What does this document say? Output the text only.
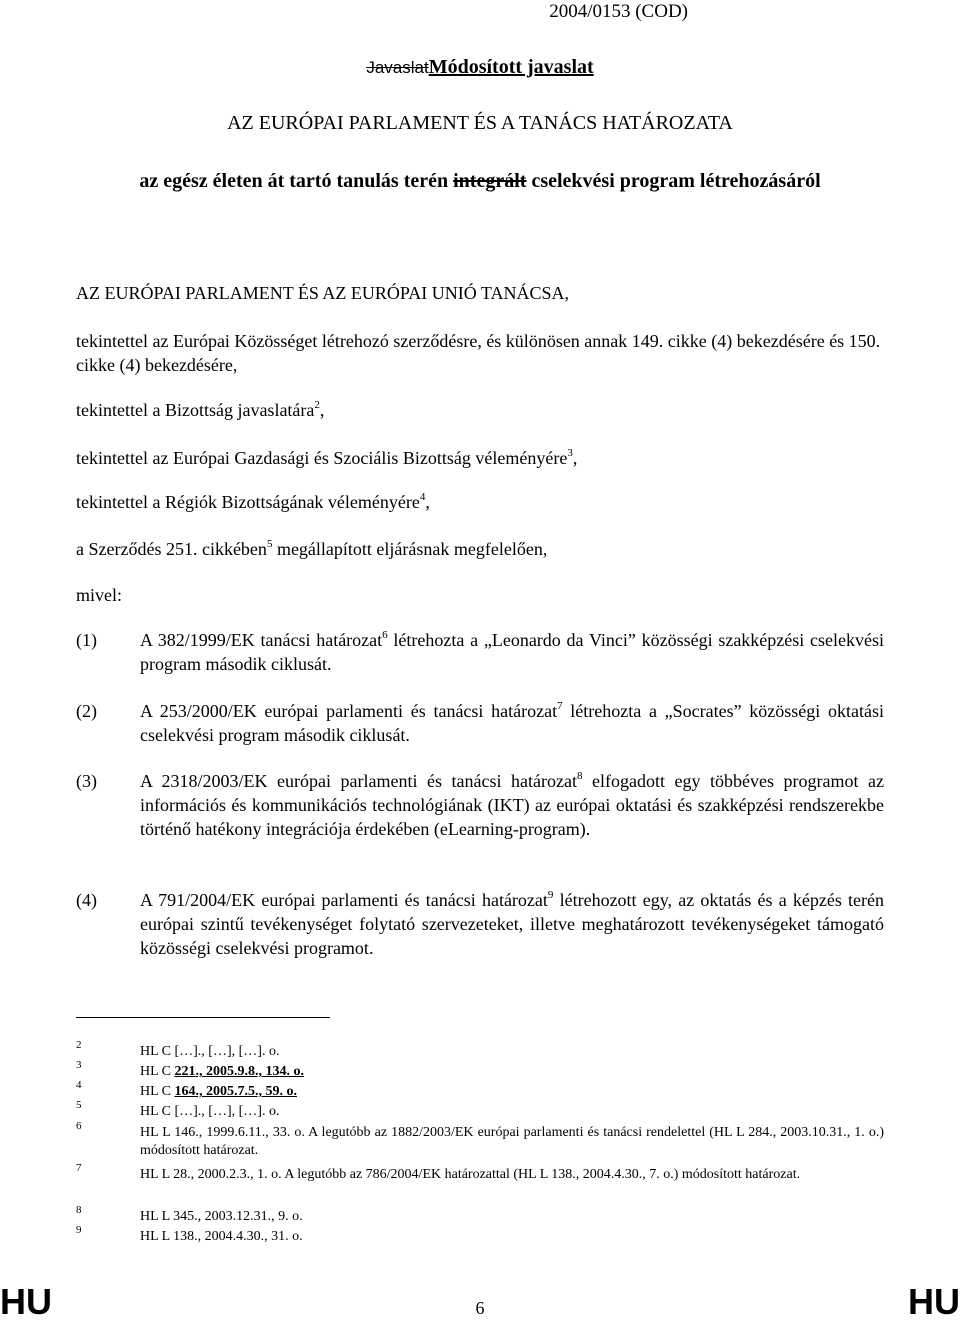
2004/0153 (COD)
JavaslatMódosított javaslat
AZ EURÓPAI PARLAMENT ÉS A TANÁCS HATÁROZATA
az egész életen át tartó tanulás terén integrált cselekvési program létrehozásáról
AZ EURÓPAI PARLAMENT ÉS AZ EURÓPAI UNIÓ TANÁCSA,
tekintettel az Európai Közösséget létrehozó szerződésre, és különösen annak 149. cikke (4) bekezdésére és 150. cikke (4) bekezdésére,
tekintettel a Bizottság javaslatára$^2$,
tekintettel az Európai Gazdasági és Szociális Bizottság véleményére$^3$,
tekintettel a Régiók Bizottságának véleményére$^4$,
a Szerződés 251. cikkében$^5$ megállapított eljárásnak megfelelően,
mivel:
(1) A 382/1999/EK tanácsi határozat$^6$ létrehozta a „Leonardo da Vinci” közösségi szakképzési cselekvési program második ciklusát.
(2) A 253/2000/EK európai parlamenti és tanácsi határozat$^7$ létrehozta a „Socrates” közösségi oktatási cselekvési program második ciklusát.
(3) A 2318/2003/EK európai parlamenti és tanácsi határozat$^8$ elfogadott egy többéves programot az információs és kommunikációs technológiának (IKT) az európai oktatási és szakképzési rendszerekbe történő hatékony integrációja érdekében (eLearning-program).
(4) A 791/2004/EK európai parlamenti és tanácsi határozat$^9$ létrehozott egy, az oktatás és a képzés terén európai szintű tevékenységet folytató szervezeteket, illetve meghatározott tevékenységeket támogató közösségi cselekvési programot.
2	HL C […]., […], […]. o.
3	HL C 221., 2005.9.8., 134. o.
4	HL C 164., 2005.7.5., 59. o.
5	HL C […]., […], […]. o.
6	HL L 146., 1999.6.11., 33. o. A legutóbb az 1882/2003/EK európai parlamenti és tanácsi rendelettel (HL L 284., 2003.10.31., 1. o.) módosított határozat.
7	HL L 28., 2000.2.3., 1. o. A legutóbb az 786/2004/EK határozattal (HL L 138., 2004.4.30., 7. o.) módosított határozat.
8	HL L 345., 2003.12.31., 9. o.
9	HL L 138., 2004.4.30., 31. o.
HU	6	HU
